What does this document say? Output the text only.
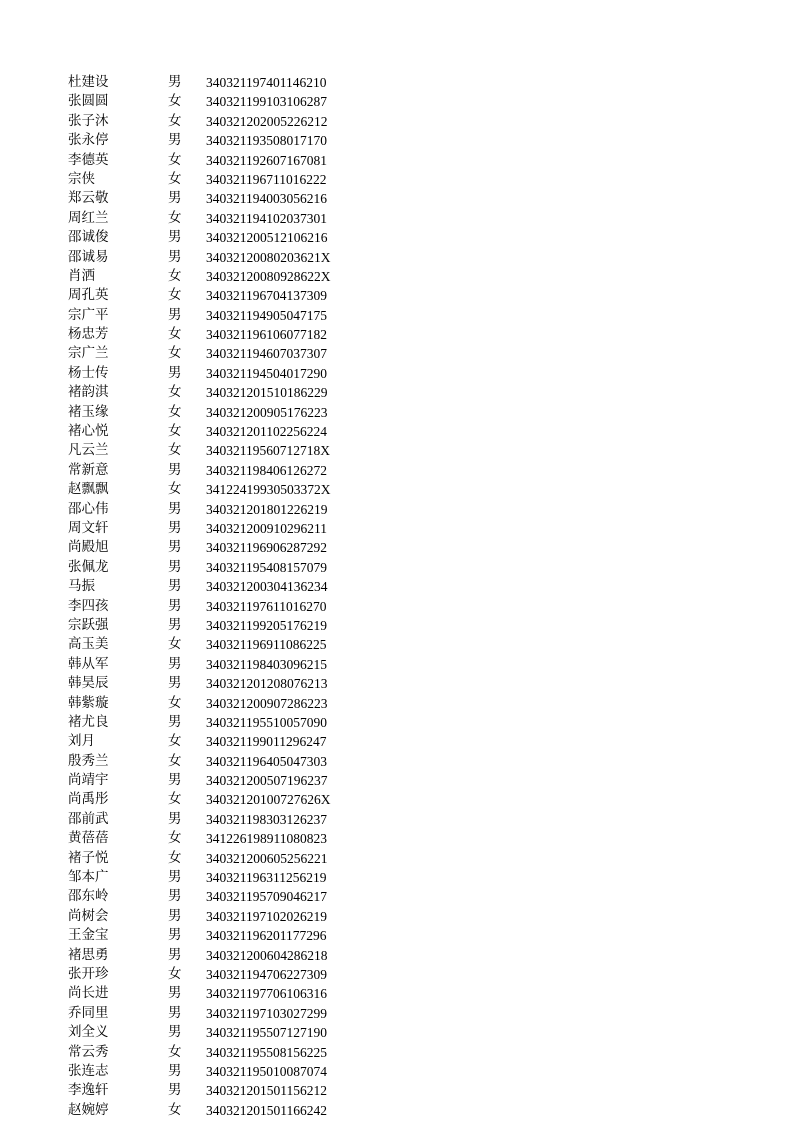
杜建设	男	340321197401146210
张圆圆	女	340321199103106287
张子沐	女	340321202005226212
张永停	男	340321193508017170
李德英	女	340321192607167081
宗侠	女	340321196711016222
郑云敬	男	340321194003056216
周红兰	女	340321194102037301
邵诚俊	男	340321200512106216
邵诚易	男	34032120080203621X
肖洒	女	34032120080928622X
周孔英	女	340321196704137309
宗广平	男	340321194905047175
杨忠芳	女	340321196106077182
宗广兰	女	340321194607037307
杨士传	男	340321194504017290
褚韵淇	女	340321201510186229
褚玉缘	女	340321200905176223
褚心悦	女	340321201102256224
凡云兰	女	34032119560712718X
常新意	男	340321198406126272
赵飘飘	女	34122419930503372X
邵心伟	男	340321201801226219
周文轩	男	340321200910296211
尚殿旭	男	340321196906287292
张佩龙	男	340321195408157079
马振	男	340321200304136234
李四孩	男	340321197611016270
宗跃强	男	340321199205176219
高玉美	女	340321196911086225
韩从军	男	340321198403096215
韩昊辰	男	340321201208076213
韩紫璇	女	340321200907286223
褚尤良	男	340321195510057090
刘月	女	340321199011296247
殷秀兰	女	340321196405047303
尚靖宇	男	340321200507196237
尚禹彤	女	34032120100727626X
邵前武	男	340321198303126237
黄蓓蓓	女	341226198911080823
褚子悦	女	340321200605256221
邹本广	男	340321196311256219
邵东岭	男	340321195709046217
尚树会	男	340321197102026219
王金宝	男	340321196201177296
褚思勇	男	340321200604286218
张开珍	女	340321194706227309
尚长进	男	340321197706106316
乔同里	男	340321197103027299
刘全义	男	340321195507127190
常云秀	女	340321195508156225
张连志	男	340321195010087074
李逸轩	男	340321201501156212
赵婉婷	女	340321201501166242
